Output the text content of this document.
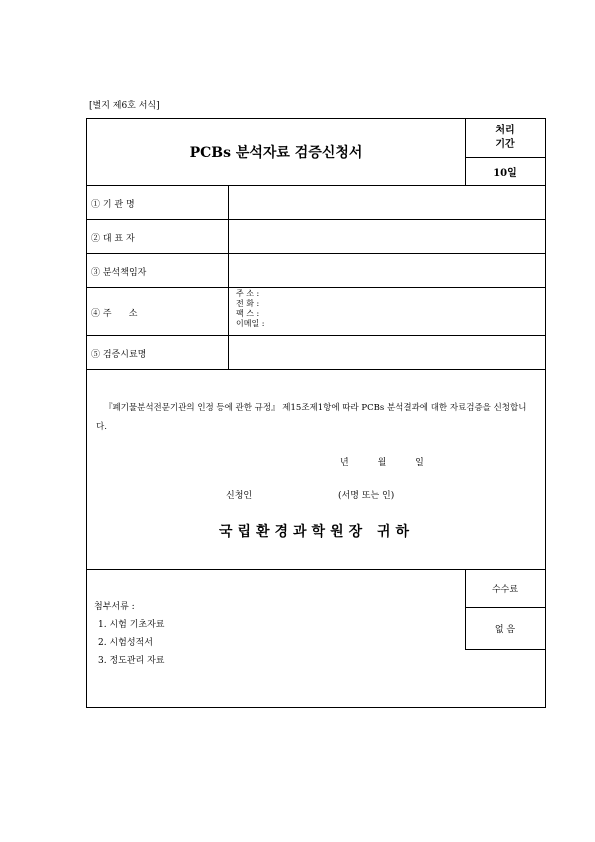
[별지 제6호 서식]
PCBs 분석자료 검증신청서
처리
기간
10일
① 기 관 명
② 대 표 자
③ 분석책임자
④ 주      소
주 소 :
전 화 :
팩 스 :
이메일 :
⑤ 검증시료명
『폐기물분석전문기관의 인정 등에 관한 규정』 제15조제1항에 따라 PCBs 분석결과에 대한 자료검증을 신청합니다.
년	월	일
신청인	(서명 또는 인)
국립환경과학원장 귀하
수수료
없 음
첨부서류 :
1. 시험 기초자료
2. 시험성적서
3. 정도관리 자료
